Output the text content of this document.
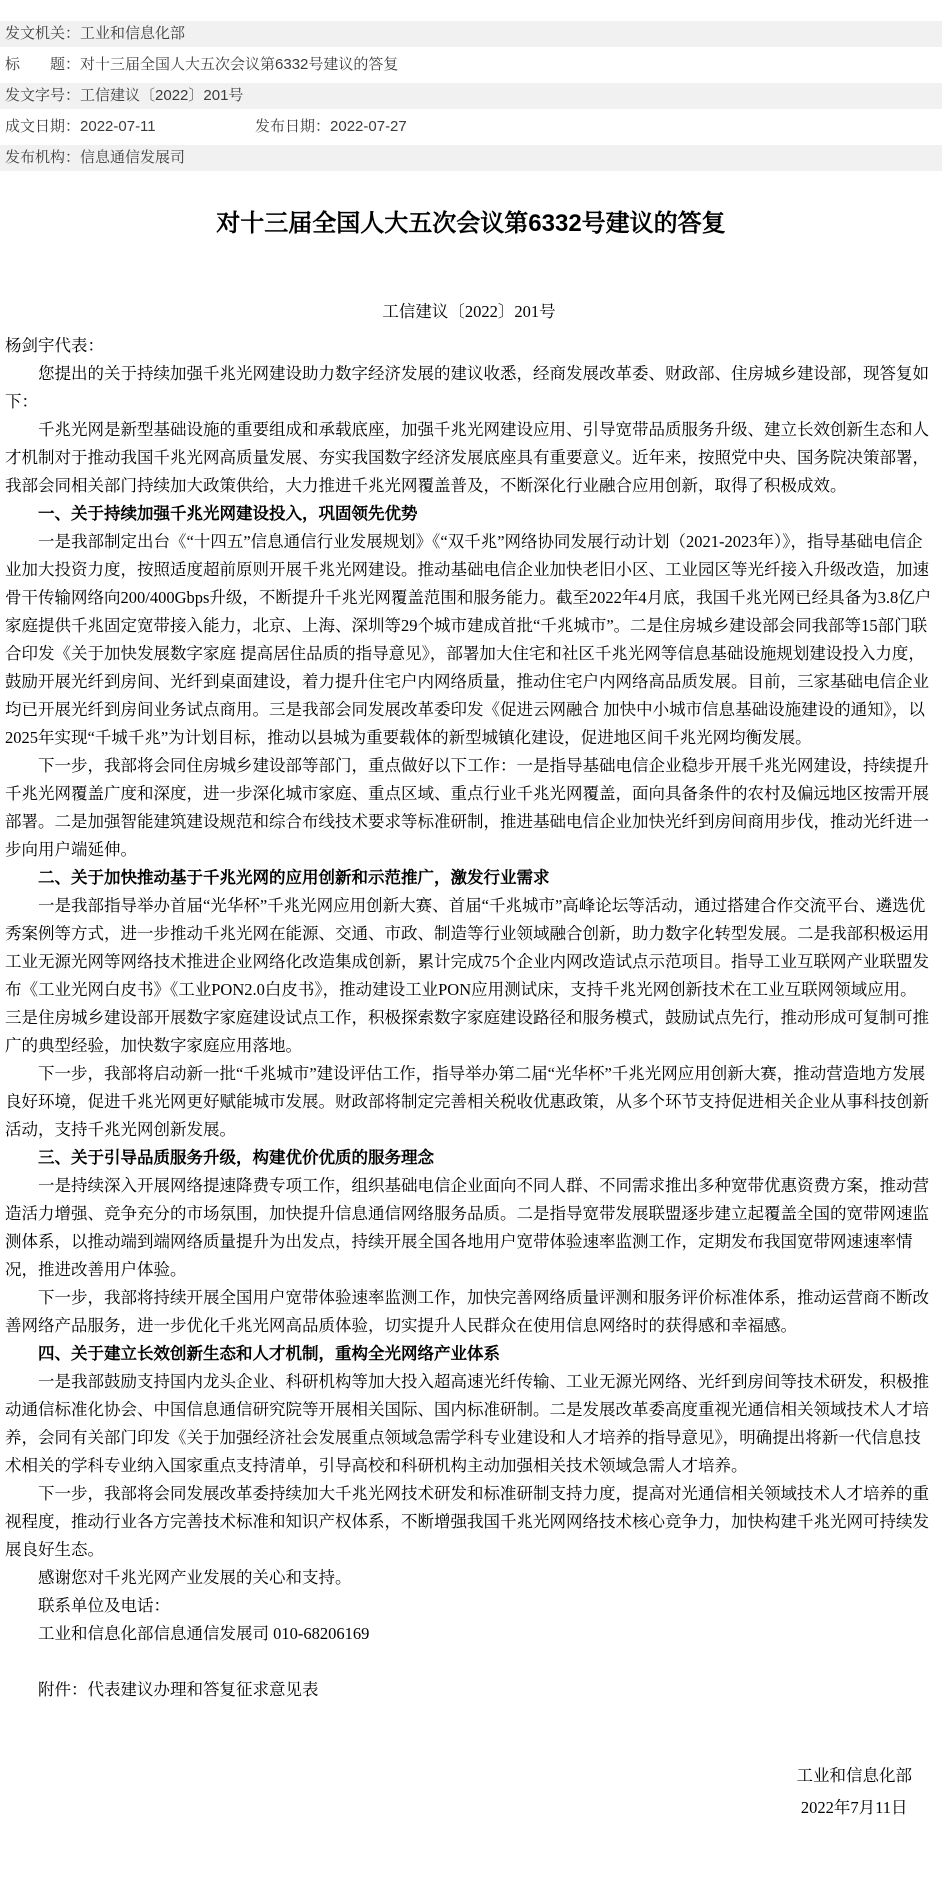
发文机关： 工业和信息化部
标　　题： 对十三届全国人大五次会议第6332号建议的答复
发文字号： 工信建议〔2022〕201号
成文日期：2022-07-11	发布日期：2022-07-27
发布机构： 信息通信发展司
对十三届全国人大五次会议第6332号建议的答复

工信建议〔2022〕201号

杨剑宇代表：

您提出的关于持续加强千兆光网建设助力数字经济发展的建议收悉，经商发展改革委、财政部、住房城乡建设部，现答复如下：

千兆光网是新型基础设施的重要组成和承载底座，加强千兆光网建设应用、引导宽带品质服务升级、建立长效创新生态和人才机制对于推动我国千兆光网高质量发展、夯实我国数字经济发展底座具有重要意义。近年来，按照党中央、国务院决策部署，我部会同相关部门持续加大政策供给，大力推进千兆光网覆盖普及，不断深化行业融合应用创新，取得了积极成效。

一、关于持续加强千兆光网建设投入，巩固领先优势

一是我部制定出台《“十四五”信息通信行业发展规划》《“双千兆”网络协同发展行动计划（2021-2023年）》，指导基础电信企业加大投资力度，按照适度超前原则开展千兆光网建设。推动基础电信企业加快老旧小区、工业园区等光纤接入升级改造，加速骨干传输网络向200/400Gbps升级，不断提升千兆光网覆盖范围和服务能力。截至2022年4月底，我国千兆光网已经具备为3.8亿户家庭提供千兆固定宽带接入能力，北京、上海、深圳等29个城市建成首批“千兆城市”。二是住房城乡建设部会同我部等15部门联合印发《关于加快发展数字家庭 提高居住品质的指导意见》，部署加大住宅和社区千兆光网等信息基础设施规划建设投入力度，鼓励开展光纤到房间、光纤到桌面建设，着力提升住宅户内网络质量，推动住宅户内网络高品质发展。目前，三家基础电信企业均已开展光纤到房间业务试点商用。三是我部会同发展改革委印发《促进云网融合 加快中小城市信息基础设施建设的通知》，以2025年实现“千城千兆”为计划目标，推动以县城为重要载体的新型城镇化建设，促进地区间千兆光网均衡发展。

下一步，我部将会同住房城乡建设部等部门，重点做好以下工作：一是指导基础电信企业稳步开展千兆光网建设，持续提升千兆光网覆盖广度和深度，进一步深化城市家庭、重点区域、重点行业千兆光网覆盖，面向具备条件的农村及偏远地区按需开展部署。二是加强智能建筑建设规范和综合布线技术要求等标准研制，推进基础电信企业加快光纤到房间商用步伐，推动光纤进一步向用户端延伸。

二、关于加快推动基于千兆光网的应用创新和示范推广，激发行业需求

一是我部指导举办首届“光华杯”千兆光网应用创新大赛、首届“千兆城市”高峰论坛等活动，通过搭建合作交流平台、遴选优秀案例等方式，进一步推动千兆光网在能源、交通、市政、制造等行业领域融合创新，助力数字化转型发展。二是我部积极运用工业无源光网等网络技术推进企业网络化改造集成创新，累计完成75个企业内网改造试点示范项目。指导工业互联网产业联盟发布《工业光网白皮书》《工业PON2.0白皮书》，推动建设工业PON应用测试床，支持千兆光网创新技术在工业互联网领域应用。三是住房城乡建设部开展数字家庭建设试点工作，积极探索数字家庭建设路径和服务模式，鼓励试点先行，推动形成可复制可推广的典型经验，加快数字家庭应用落地。

下一步，我部将启动新一批“千兆城市”建设评估工作，指导举办第二届“光华杯”千兆光网应用创新大赛，推动营造地方发展良好环境，促进千兆光网更好赋能城市发展。财政部将制定完善相关税收优惠政策，从多个环节支持促进相关企业从事科技创新活动，支持千兆光网创新发展。

三、关于引导品质服务升级，构建优价优质的服务理念

一是持续深入开展网络提速降费专项工作，组织基础电信企业面向不同人群、不同需求推出多种宽带优惠资费方案，推动营造活力增强、竞争充分的市场氛围，加快提升信息通信网络服务品质。二是指导宽带发展联盟逐步建立起覆盖全国的宽带网速监测体系，以推动端到端网络质量提升为出发点，持续开展全国各地用户宽带体验速率监测工作，定期发布我国宽带网速速率情况，推进改善用户体验。

下一步，我部将持续开展全国用户宽带体验速率监测工作，加快完善网络质量评测和服务评价标准体系，推动运营商不断改善网络产品服务，进一步优化千兆光网高品质体验，切实提升人民群众在使用信息网络时的获得感和幸福感。

四、关于建立长效创新生态和人才机制，重构全光网络产业体系

一是我部鼓励支持国内龙头企业、科研机构等加大投入超高速光纤传输、工业无源光网络、光纤到房间等技术研发，积极推动通信标准化协会、中国信息通信研究院等开展相关国际、国内标准研制。二是发展改革委高度重视光通信相关领域技术人才培养，会同有关部门印发《关于加强经济社会发展重点领域急需学科专业建设和人才培养的指导意见》，明确提出将新一代信息技术相关的学科专业纳入国家重点支持清单，引导高校和科研机构主动加强相关技术领域急需人才培养。

下一步，我部将会同发展改革委持续加大千兆光网技术研发和标准研制支持力度，提高对光通信相关领域技术人才培养的重视程度，推动行业各方完善技术标准和知识产权体系，不断增强我国千兆光网网络技术核心竞争力，加快构建千兆光网可持续发展良好生态。

感谢您对千兆光网产业发展的关心和支持。

联系单位及电话：

工业和信息化部信息通信发展司 010-68206169

附件：代表建议办理和答复征求意见表

工业和信息化部
2022年7月11日
